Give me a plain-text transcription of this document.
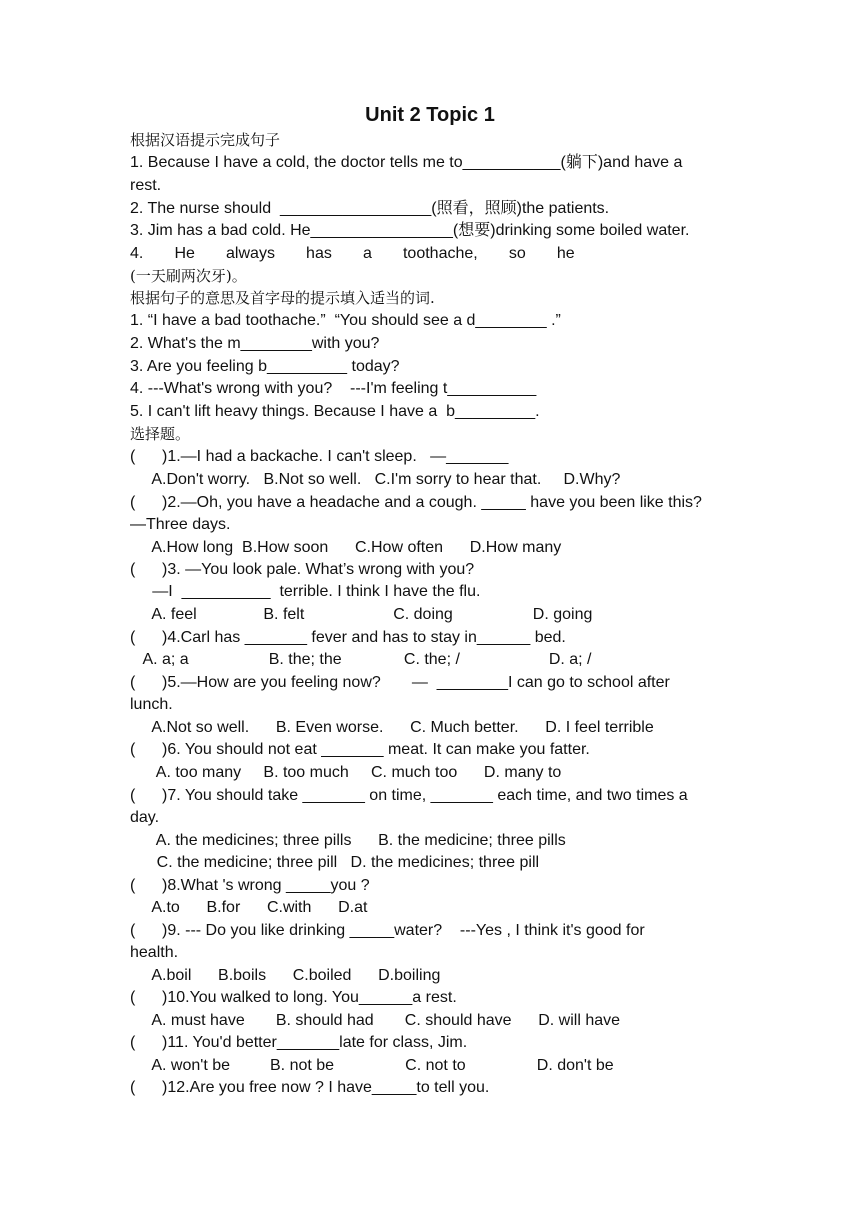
Unit 2 Topic 1
根据汉语提示完成句子
1. Because I have a cold, the doctor tells me to___________(躺下)and have a
rest.
2. The nurse should  _________________(照看，照顾)the patients.
3. Jim has a bad cold. He________________(想要)drinking some boiled water.
4.       He       always       has       a       toothache,       so       he
(一天刷两次牙)。
根据句子的意思及首字母的提示填入适当的词.
1. “I have a bad toothache.”  “You should see a d________ .”
2. What's the m________with you?
3. Are you feeling b_________ today?
4. ---What's wrong with you?    ---I'm feeling t__________
5. I can't lift heavy things. Because I have a  b_________.
选择题。
(      )1.—I had a backache. I can't sleep.   —_______
A.Don't worry.   B.Not so well.   C.I'm sorry to hear that.     D.Why?
(      )2.—Oh, you have a headache and a cough. _____ have you been like this?
—Three days.
A.How long  B.How soon      C.How often      D.How many
(      )3. —You look pale. What’s wrong with you?
—I  __________  terrible. I think I have the flu.
A. feel               B. felt                    C. doing                  D. going
(      )4.Carl has _______ fever and has to stay in______ bed.
A. a; a                  B. the; the              C. the; /                    D. a; /
(      )5.—How are you feeling now?       —  ________I can go to school after
lunch.
A.Not so well.      B. Even worse.      C. Much better.      D. I feel terrible
(      )6. You should not eat _______ meat. It can make you fatter.
A. too many     B. too much     C. much too      D. many to
(      )7. You should take _______ on time, _______ each time, and two times a
day.
A. the medicines; three pills      B. the medicine; three pills
C. the medicine; three pill   D. the medicines; three pill
(      )8.What 's wrong _____you ?
A.to      B.for      C.with      D.at
(      )9. --- Do you like drinking _____water?    ---Yes , I think it's good for
health.
A.boil      B.boils      C.boiled      D.boiling
(      )10.You walked to long. You______a rest.
A. must have       B. should had       C. should have      D. will have
(      )11. You'd better_______late for class, Jim.
A. won't be         B. not be                C. not to                D. don't be
(      )12.Are you free now ? I have_____to tell you.
